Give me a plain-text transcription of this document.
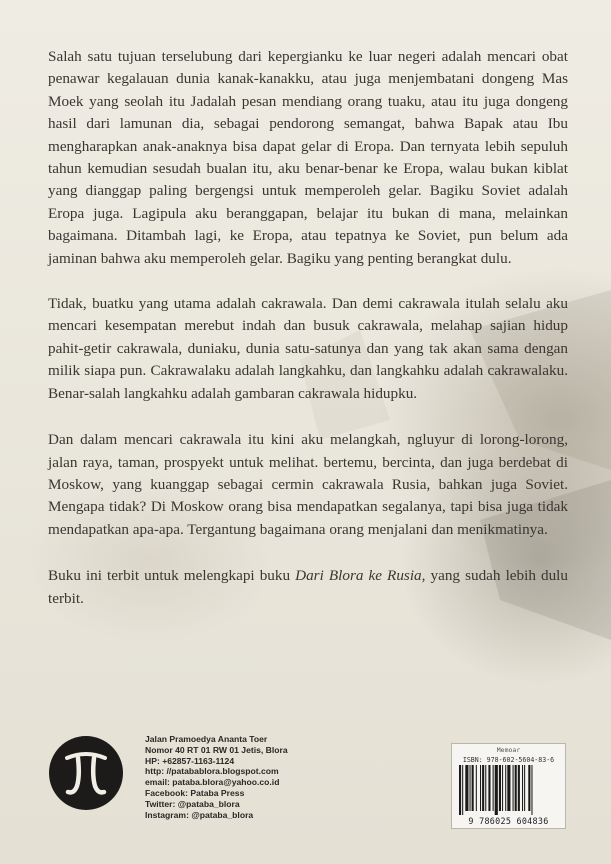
Salah satu tujuan terselubung dari kepergianku ke luar negeri adalah mencari obat penawar kegalauan dunia kanak-kanakku, atau juga menjembatani dongeng Mas Moek yang seolah itu Jadalah pesan mendiang orang tuaku, atau itu juga dongeng hasil dari lamunan dia, sebagai pendorong semangat, bahwa Bapak atau Ibu mengharapkan anak-anaknya bisa dapat gelar di Eropa. Dan ternyata lebih sepuluh tahun kemudian sesudah bualan itu, aku benar-benar ke Eropa, walau bukan kiblat yang dianggap paling bergengsi untuk memperoleh gelar. Bagiku Soviet adalah Eropa juga. Lagipula aku beranggapan, belajar itu bukan di mana, melainkan bagaimana. Ditambah lagi, ke Eropa, atau tepatnya ke Soviet, pun belum ada jaminan bahwa aku memperoleh gelar. Bagiku yang penting berangkat dulu.

Tidak, buatku yang utama adalah cakrawala. Dan demi cakrawala itulah selalu aku mencari kesempatan merebut indah dan busuk cakrawala, melahap sajian hidup pahit-getir cakrawala, duniaku, dunia satu-satunya dan yang tak akan sama dengan milik siapa pun. Cakrawalaku adalah langkahku, dan langkahku adalah cakrawalaku. Benar-salah langkahku adalah gambaran cakrawala hidupku.

Dan dalam mencari cakrawala itu kini aku melangkah, ngluyur di lorong-lorong, jalan raya, taman, prospyekt untuk melihat. bertemu, bercinta, dan juga berdebat di Moskow, yang kuanggap sebagai cermin cakrawala Rusia, bahkan juga Soviet. Mengapa tidak? Di Moskow orang bisa mendapatkan segalanya, tapi bisa juga tidak mendapatkan apa-apa. Tergantung bagaimana orang menjalani dan menikmatinya.

Buku ini terbit untuk melengkapi buku Dari Blora ke Rusia, yang sudah lebih dulu terbit.

Jalan Pramoedya Ananta Toer
Nomor 40 RT 01 RW 01 Jetis, Blora
HP: +62857-1163-1124
http: //patabablora.blogspot.com
email: pataba.blora@yahoo.co.id
Facebook: Pataba Press
Twitter: @pataba_blora
Instagram: @pataba_blora
Memoar
ISBN: 978-602-5604-83-6
9 786025 604836
